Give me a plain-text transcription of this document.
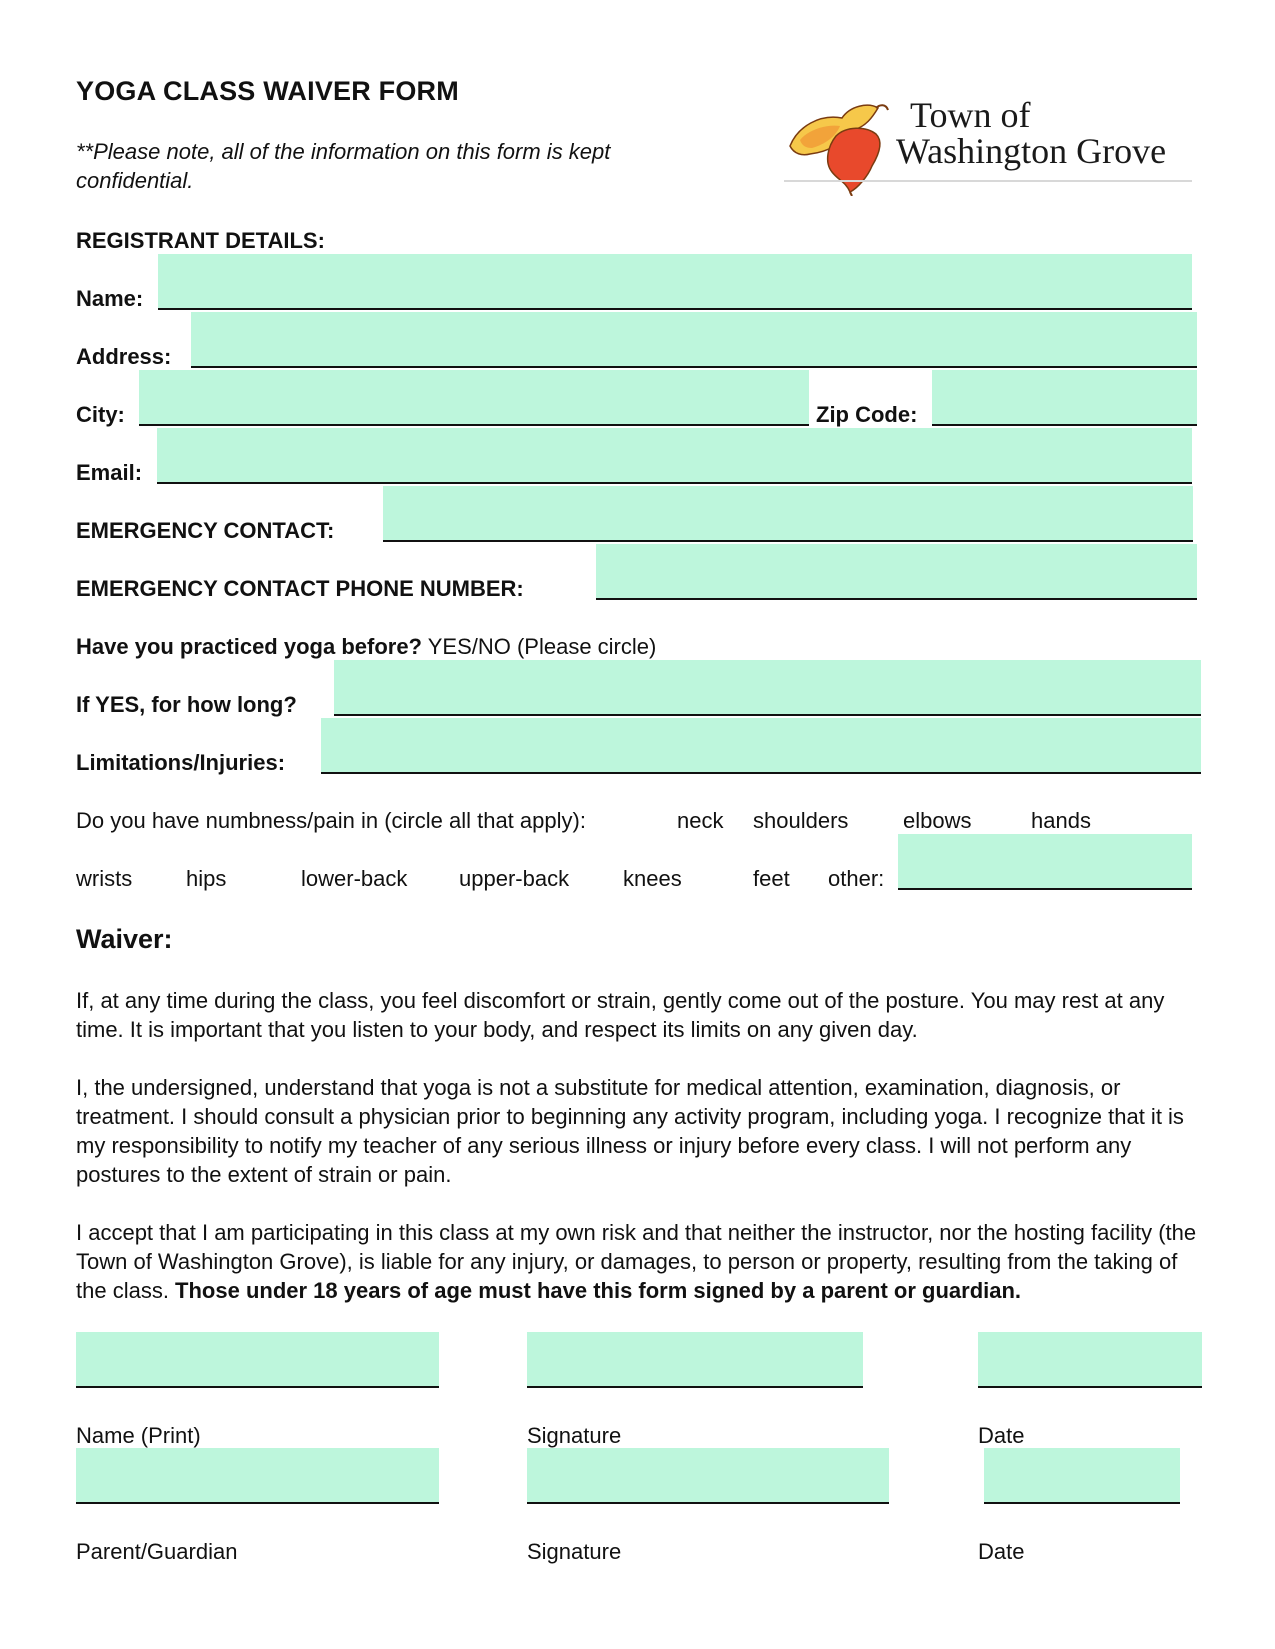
YOGA CLASS WAIVER FORM
**Please note, all of the information on this form is kept confidential.
Town of
Washington Grove
REGISTRANT DETAILS:
Name:
Address:
City:	Zip Code:
Email:
EMERGENCY CONTACT:
EMERGENCY CONTACT PHONE NUMBER:
Have you practiced yoga before? YES/NO (Please circle)
If YES, for how long?
Limitations/Injuries:
Do you have numbness/pain in (circle all that apply):	neck shoulders elbows	hands
wrists hips	lower-back upper-back knees	feet other:
Waiver:
If, at any time during the class, you feel discomfort or strain, gently come out of the posture. You may rest at any time. It is important that you listen to your body, and respect its limits on any given day.
I, the undersigned, understand that yoga is not a substitute for medical attention, examination, diagnosis, or treatment. I should consult a physician prior to beginning any activity program, including yoga. I recognize that it is my responsibility to notify my teacher of any serious illness or injury before every class. I will not perform any postures to the extent of strain or pain.
I accept that I am participating in this class at my own risk and that neither the instructor, nor the hosting facility (the Town of Washington Grove), is liable for any injury, or damages, to person or property, resulting from the taking of the class. Those under 18 years of age must have this form signed by a parent or guardian.
Name (Print)	Signature	Date
Parent/Guardian	Signature	Date
